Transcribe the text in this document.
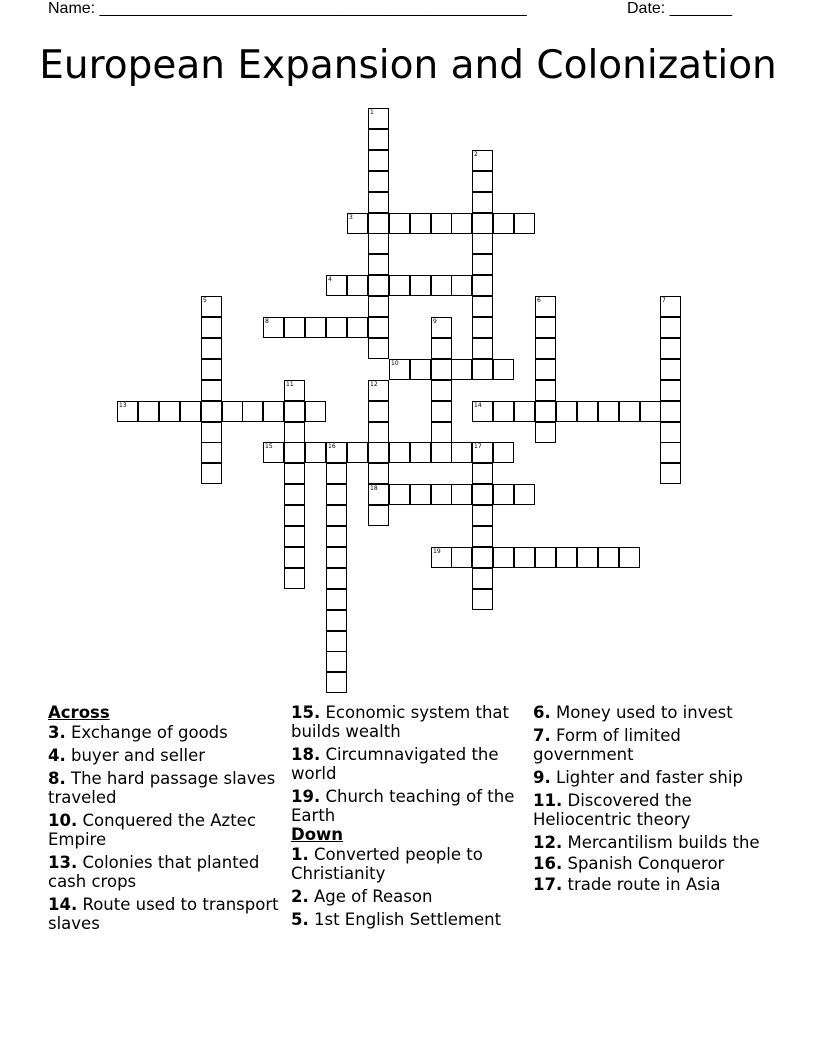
Name: ________________________________________________	Date: _______
European Expansion and Colonization
1
2
3
4
5	6	7
8	9
10
11	12
18
13	14
15	16	17
19
Across
3. Exchange of goods
4. buyer and seller
8. The hard passage slaves traveled
10. Conquered the Aztec Empire
13. Colonies that planted cash crops
14. Route used to transport slaves
15. Economic system that builds wealth
18. Circumnavigated the world
19. Church teaching of the Earth
Down
1. Converted people to Christianity
2. Age of Reason
5. 1st English Settlement
6. Money used to invest
7. Form of limited government
9. Lighter and faster ship
11. Discovered the Heliocentric theory
12. Mercantilism builds the
16. Spanish Conqueror
17. trade route in Asia
